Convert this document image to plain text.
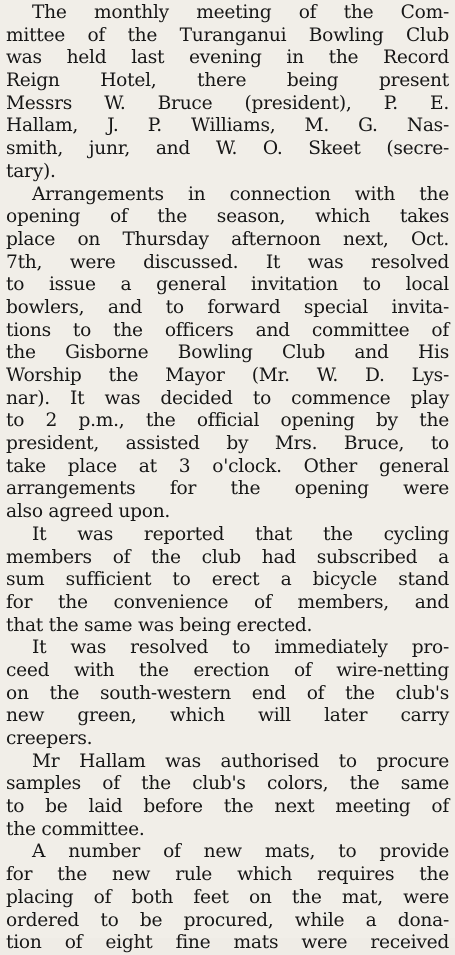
The monthly meeting of the Com-
mittee of the Turanganui Bowling Club
was held last evening in the Record
Reign Hotel, there being present
Messrs W. Bruce (president), P. E.
Hallam, J. P. Williams, M. G. Nas-
smith, junr, and W. O. Skeet (secre-
tary).
Arrangements in connection with the
opening of the season, which takes
place on Thursday afternoon next, Oct.
7th, were discussed. It was resolved
to issue a general invitation to local
bowlers, and to forward special invita-
tions to the officers and committee of
the Gisborne Bowling Club and His
Worship the Mayor (Mr. W. D. Lys-
nar). It was decided to commence play
to 2 p.m., the official opening by the
president, assisted by Mrs. Bruce, to
take place at 3 o'clock. Other general
arrangements for the opening were
also agreed upon.
It was reported that the cycling
members of the club had subscribed a
sum sufficient to erect a bicycle stand
for the convenience of members, and
that the same was being erected.
It was resolved to immediately pro-
ceed with the erection of wire-netting
on the south-western end of the club's
new green, which will later carry
creepers.
Mr Hallam was authorised to procure
samples of the club's colors, the same
to be laid before the next meeting of
the committee.
A number of new mats, to provide
for the new rule which requires the
placing of both feet on the mat, were
ordered to be procured, while a dona-
tion of eight fine mats were received
